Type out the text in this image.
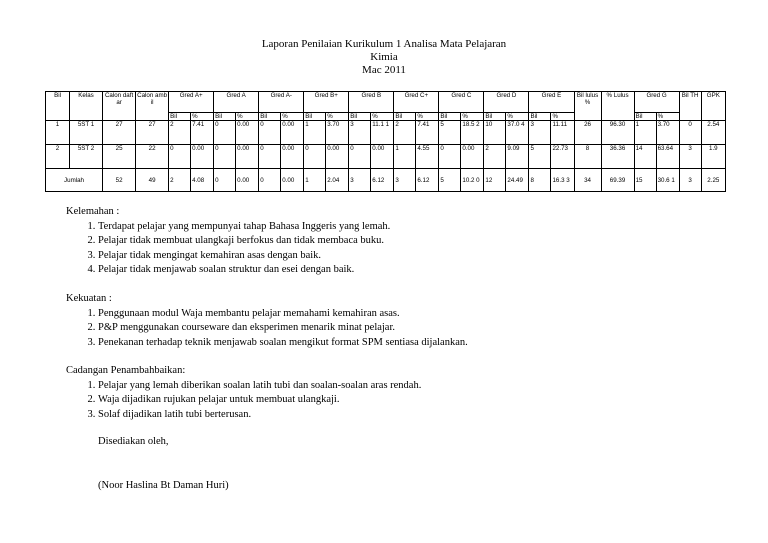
Laporan Penilaian Kurikulum 1 Analisa Mata Pelajaran
Kimia
Mac 2011
Bil	Kelas	Calon daftar	Calon ambil	Gred A+		Gred A		Gred A-		Gred B+		Gred B		Gred C+		Gred C		Gred D		Gred E		Bil lulus %	% Lulus	Gred G		Bil TH	GPK
				Bil	%	Bil	%	Bil	%	Bil	%	Bil	%	Bil	%	Bil	%	Bil	%	Bil	%			Bil	%		
1	5ST 1	27	27	2	7.41	0	0.00	0	0.00	1	3.70	3	11.1 1	2	7.41	5	18.5 2	10	37.0 4	3	11.11	26	96.30	1	3.70	0	2.54
2	5ST 2	25	22	0	0.00	0	0.00	0	0.00	0	0.00	0	0.00	1	4.55	0	0.00	2	9.09	5	22.73	8	36.36	14	63.64	3	1.9
Jumlah		52	49	2	4.08	0	0.00	0	0.00	1	2.04	3	6.12	3	6.12	5	10.2 0	12	24.49	8	16.3 3	34	69.39	15	30.6 1	3	2.25

Kelemahan :

1. Terdapat pelajar yang mempunyai tahap Bahasa Inggeris yang lemah.
2. Pelajar tidak membuat ulangkaji berfokus dan tidak membaca buku.
3. Pelajar tidak mengingat kemahiran asas dengan baik.
4. Pelajar tidak menjawab soalan struktur dan esei dengan baik.

Kekuatan :

1. Penggunaan modul Waja membantu pelajar memahami kemahiran asas.
2. P&P menggunakan courseware dan eksperimen menarik minat pelajar.
3. Penekanan terhadap teknik menjawab soalan mengikut format SPM sentiasa dijalankan.

Cadangan Penambahbaikan:

1. Pelajar yang lemah diberikan soalan latih tubi dan soalan-soalan aras rendah.
2. Waja dijadikan rujukan pelajar untuk membuat ulangkaji.
3. Solaf dijadikan latih tubi berterusan.
Disediakan oleh,
(Noor Haslina Bt Daman Huri)
